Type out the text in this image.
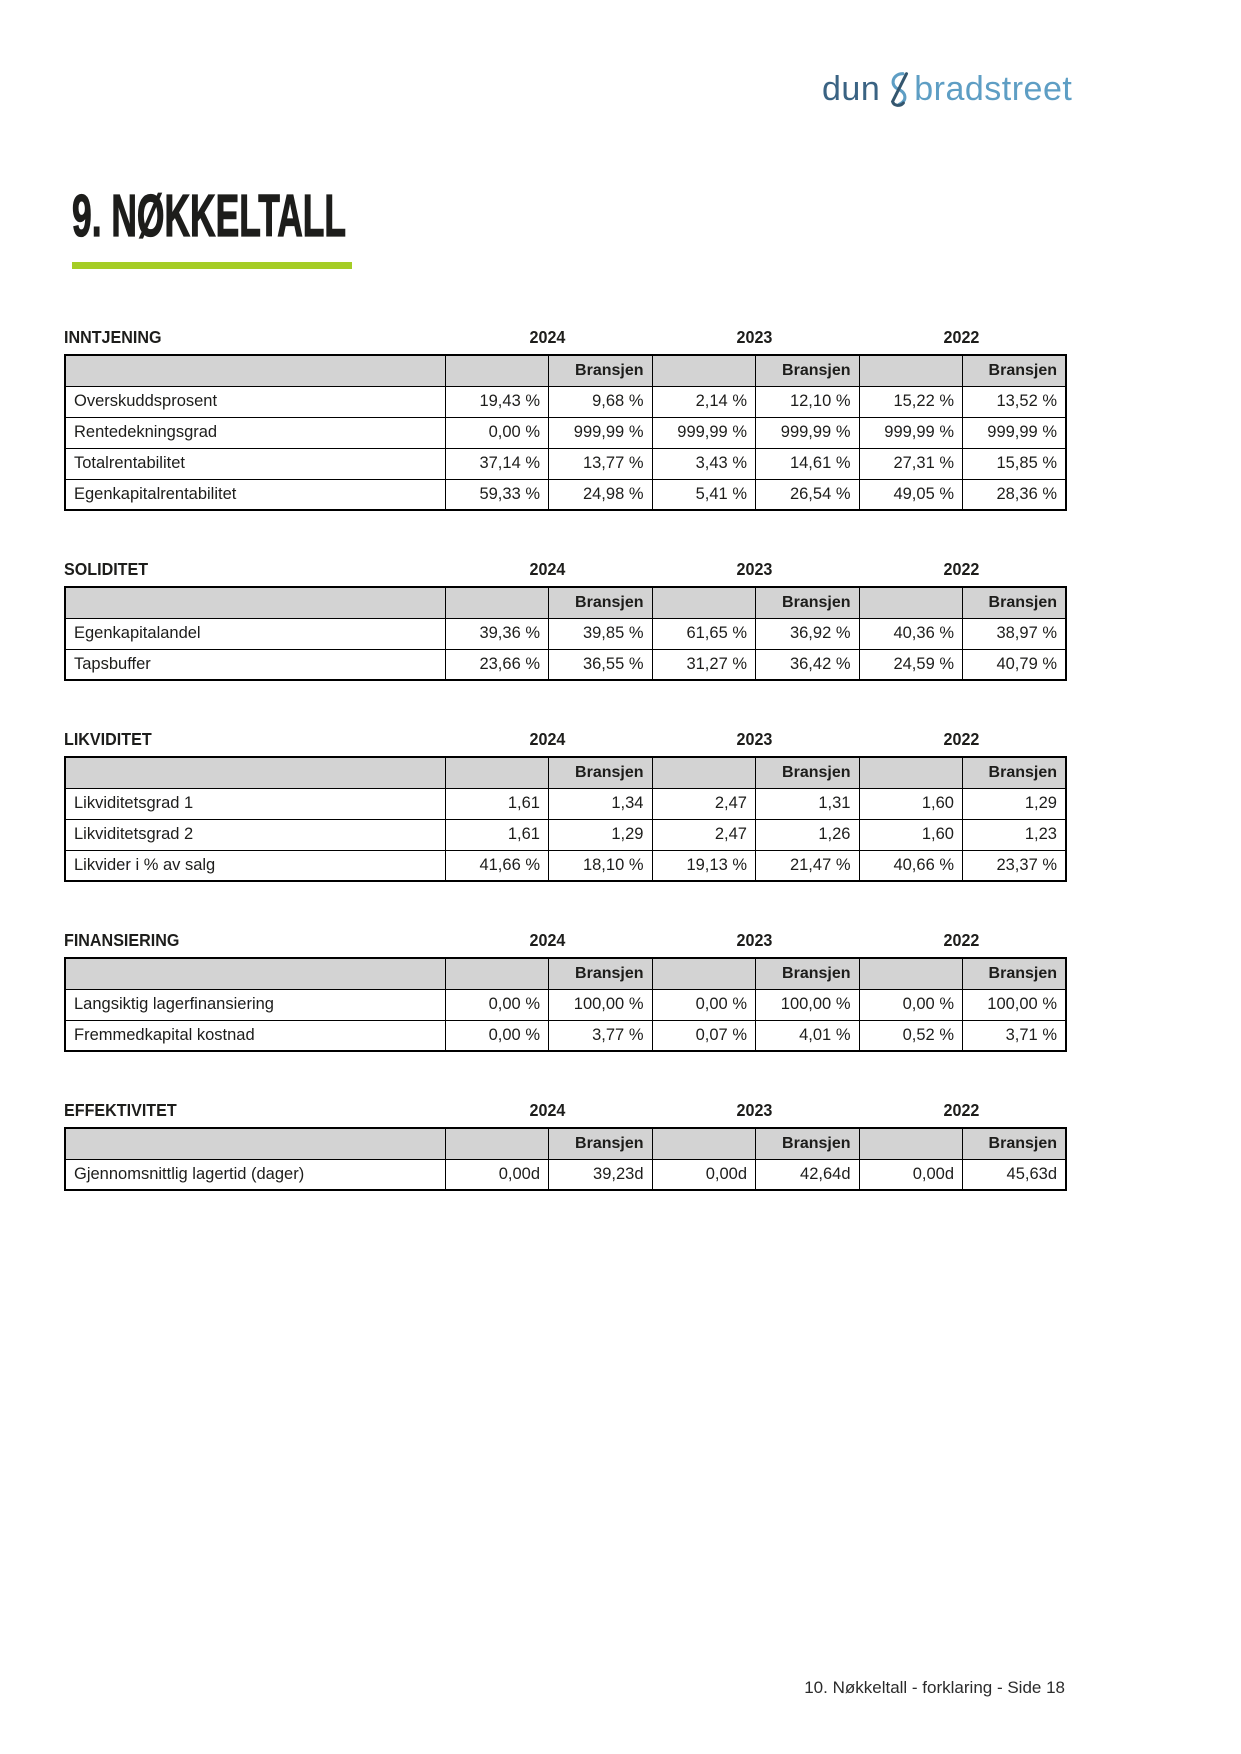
dun bradstreet
9. NØKKELTALL
INNTJENING	2024	2023	2022
		Bransjen		Bransjen		Bransjen
Overskuddsprosent	19,43 %	9,68 %	2,14 %	12,10 %	15,22 %	13,52 %
Rentedekningsgrad	0,00 %	999,99 %	999,99 %	999,99 %	999,99 %	999,99 %
Totalrentabilitet	37,14 %	13,77 %	3,43 %	14,61 %	27,31 %	15,85 %
Egenkapitalrentabilitet	59,33 %	24,98 %	5,41 %	26,54 %	49,05 %	28,36 %
SOLIDITET	2024	2023	2022
		Bransjen		Bransjen		Bransjen
Egenkapitalandel	39,36 %	39,85 %	61,65 %	36,92 %	40,36 %	38,97 %
Tapsbuffer	23,66 %	36,55 %	31,27 %	36,42 %	24,59 %	40,79 %
LIKVIDITET	2024	2023	2022
		Bransjen		Bransjen		Bransjen
Likviditetsgrad 1	1,61	1,34	2,47	1,31	1,60	1,29
Likviditetsgrad 2	1,61	1,29	2,47	1,26	1,60	1,23
Likvider i % av salg	41,66 %	18,10 %	19,13 %	21,47 %	40,66 %	23,37 %
FINANSIERING	2024	2023	2022
		Bransjen		Bransjen		Bransjen
Langsiktig lagerfinansiering	0,00 %	100,00 %	0,00 %	100,00 %	0,00 %	100,00 %
Fremmedkapital kostnad	0,00 %	3,77 %	0,07 %	4,01 %	0,52 %	3,71 %
EFFEKTIVITET	2024	2023	2022
		Bransjen		Bransjen		Bransjen
Gjennomsnittlig lagertid (dager)	0,00d	39,23d	0,00d	42,64d	0,00d	45,63d
10. Nøkkeltall - forklaring - Side 18
